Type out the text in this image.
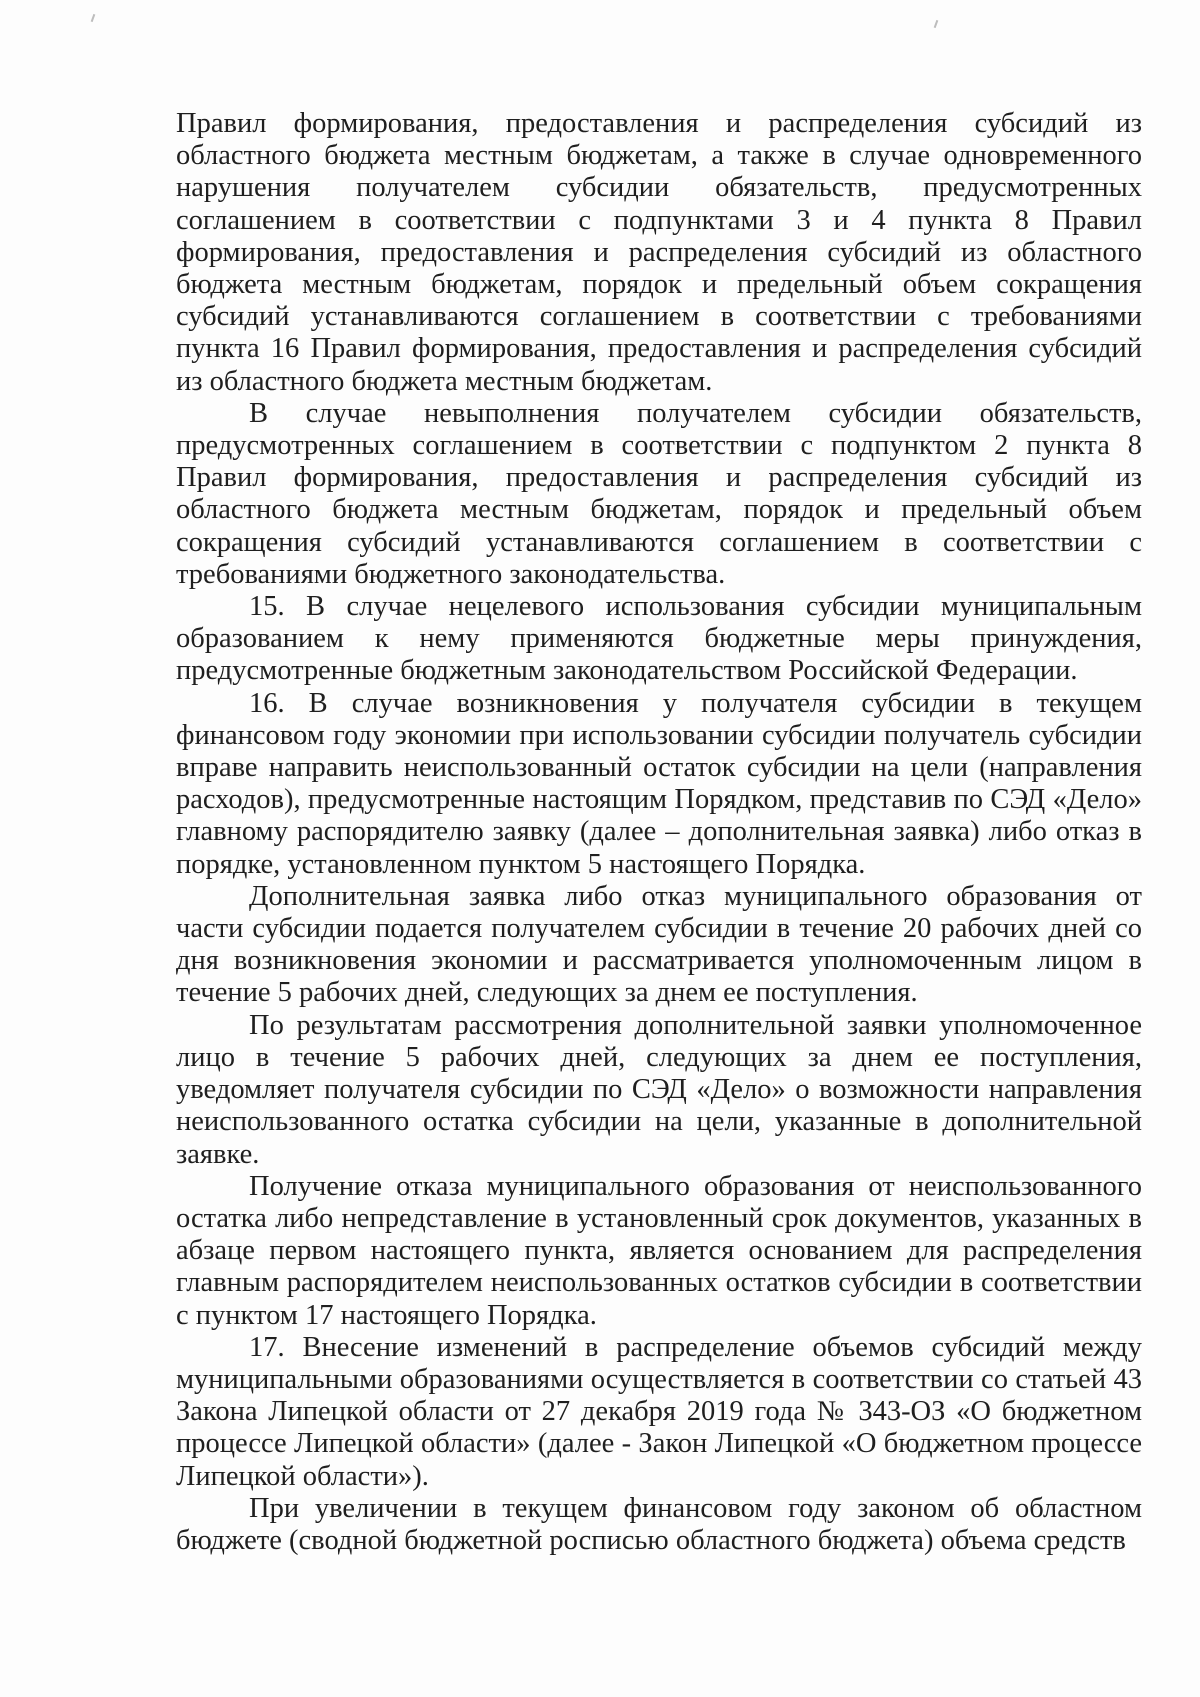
Правил формирования, предоставления и распределения субсидий из областного бюджета местным бюджетам, а также в случае одновременного нарушения получателем субсидии обязательств, предусмотренных соглашением в соответствии с подпунктами 3 и 4 пункта 8 Правил формирования, предоставления и распределения субсидий из областного бюджета местным бюджетам, порядок и предельный объем сокращения субсидий устанавливаются соглашением в соответствии с требованиями пункта 16 Правил формирования, предоставления и распределения субсидий из областного бюджета местным бюджетам.

В случае невыполнения получателем субсидии обязательств, предусмотренных соглашением в соответствии с подпунктом 2 пункта 8 Правил формирования, предоставления и распределения субсидий из областного бюджета местным бюджетам, порядок и предельный объем сокращения субсидий устанавливаются соглашением в соответствии с требованиями бюджетного законодательства.

15. В случае нецелевого использования субсидии муниципальным образованием к нему применяются бюджетные меры принуждения, предусмотренные бюджетным законодательством Российской Федерации.

16. В случае возникновения у получателя субсидии в текущем финансовом году экономии при использовании субсидии получатель субсидии вправе направить неиспользованный остаток субсидии на цели (направления расходов), предусмотренные настоящим Порядком, представив по СЭД «Дело» главному распорядителю заявку (далее – дополнительная заявка) либо отказ в порядке, установленном пунктом 5 настоящего Порядка.

Дополнительная заявка либо отказ муниципального образования от части субсидии подается получателем субсидии в течение 20 рабочих дней со дня возникновения экономии и рассматривается уполномоченным лицом в течение 5 рабочих дней, следующих за днем ее поступления.

По результатам рассмотрения дополнительной заявки уполномоченное лицо в течение 5 рабочих дней, следующих за днем ее поступления, уведомляет получателя субсидии по СЭД «Дело» о возможности направления неиспользованного остатка субсидии на цели, указанные в дополнительной заявке.

Получение отказа муниципального образования от неиспользованного остатка либо непредставление в установленный срок документов, указанных в абзаце первом настоящего пункта, является основанием для распределения главным распорядителем неиспользованных остатков субсидии в соответствии с пунктом 17 настоящего Порядка.

17. Внесение изменений в распределение объемов субсидий между муниципальными образованиями осуществляется в соответствии со статьей 43 Закона Липецкой области от 27 декабря 2019 года № 343-ОЗ «О бюджетном процессе Липецкой области» (далее - Закон Липецкой «О бюджетном процессе Липецкой области»).

При увеличении в текущем финансовом году законом об областном бюджете (сводной бюджетной росписью областного бюджета) объема средств
